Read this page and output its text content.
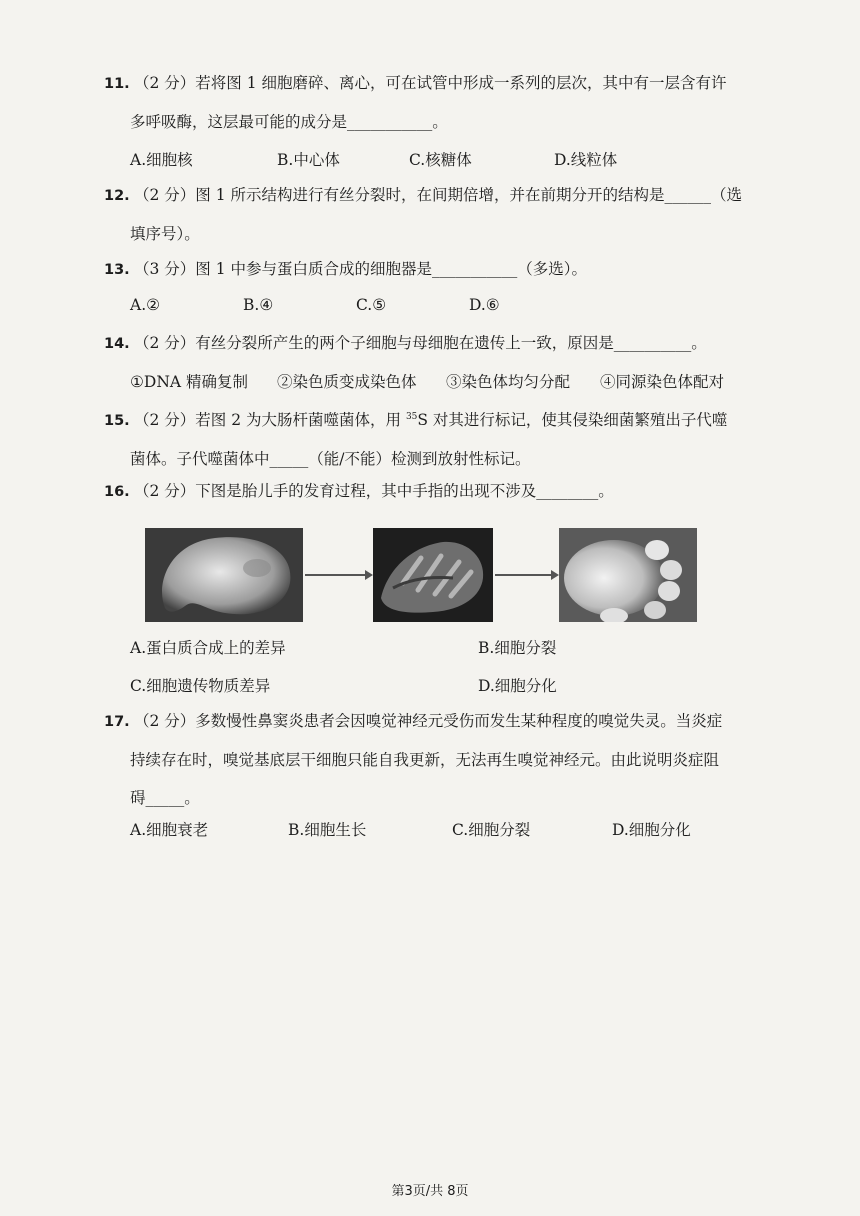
11. （2 分）若将图 1 细胞磨碎、离心，可在试管中形成一系列的层次，其中有一层含有许
多呼吸酶，这层最可能的成分是___________。
A.细胞核	B.中心体	C.核糖体	D.线粒体
12. （2 分）图 1 所示结构进行有丝分裂时，在间期倍增，并在前期分开的结构是______（选
填序号）。
13. （3 分）图 1 中参与蛋白质合成的细胞器是___________（多选）。
A.②	B.④	C.⑤	D.⑥
14. （2 分）有丝分裂所产生的两个子细胞与母细胞在遗传上一致，原因是__________。
①DNA 精确复制 ②染色质变成染色体 ③染色体均匀分配 ④同源染色体配对
15. （2 分）若图 2 为大肠杆菌噬菌体，用 $^{35}$S 对其进行标记，使其侵染细菌繁殖出子代噬
菌体。子代噬菌体中_____（能/不能）检测到放射性标记。
16. （2 分）下图是胎儿手的发育过程，其中手指的出现不涉及________。
A.蛋白质合成上的差异	B.细胞分裂
C.细胞遗传物质差异	D.细胞分化
17. （2 分）多数慢性鼻窦炎患者会因嗅觉神经元受伤而发生某种程度的嗅觉失灵。当炎症
持续存在时，嗅觉基底层干细胞只能自我更新，无法再生嗅觉神经元。由此说明炎症阻
碍_____。
A.细胞衰老	B.细胞生长	C.细胞分裂	D.细胞分化
第3页/共 8页
